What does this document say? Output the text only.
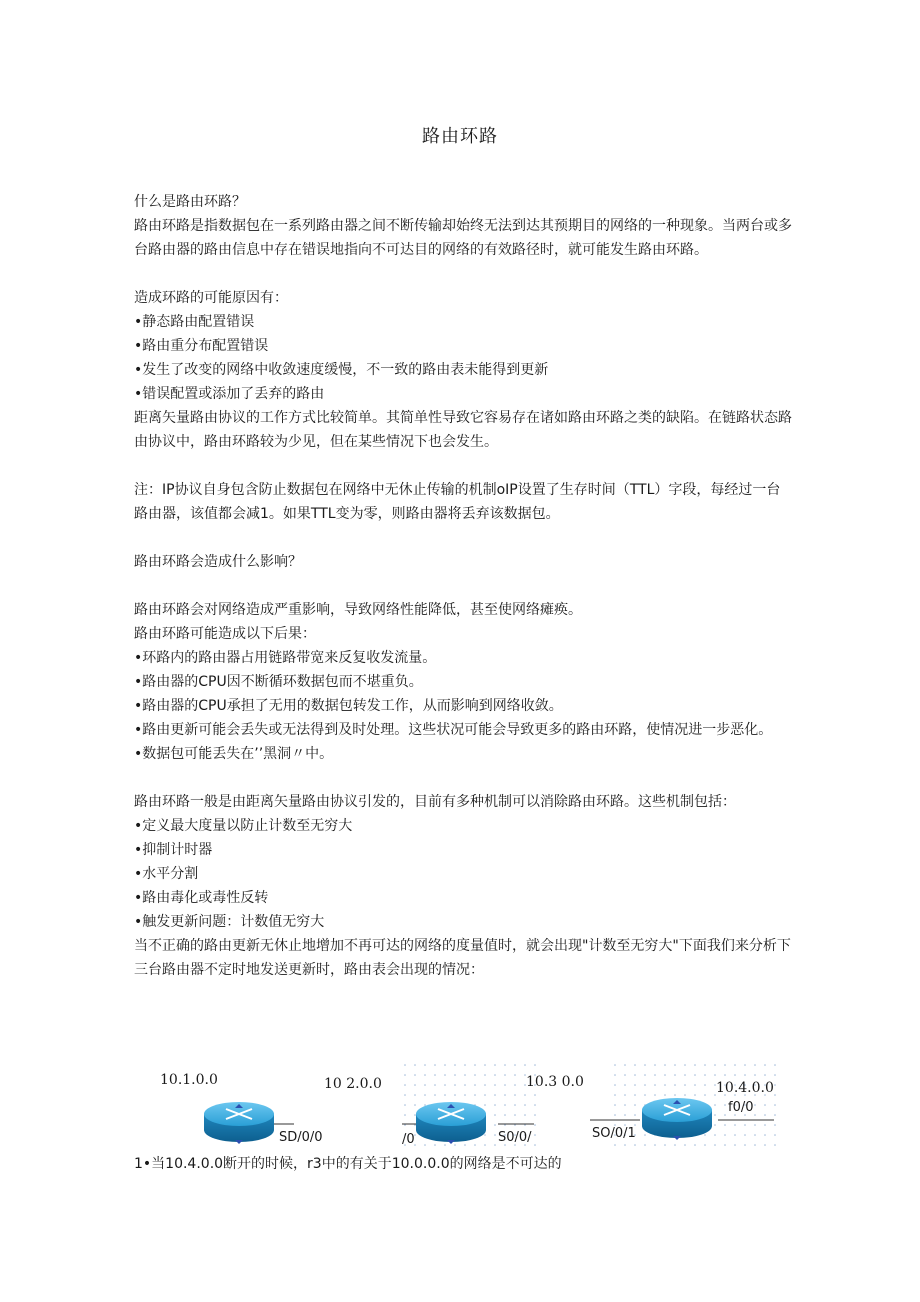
路由环路

什么是路由环路？

路由环路是指数据包在一系列路由器之间不断传输却始终无法到达其预期目的网络的一种现象。当两台或多台路由器的路由信息中存在错误地指向不可达目的网络的有效路径时，就可能发生路由环路。

造成环路的可能原因有：

•静态路由配置错误

•路由重分布配置错误

•发生了改变的网络中收敛速度缓慢，不一致的路由表未能得到更新

•错误配置或添加了丢弃的路由

距离矢量路由协议的工作方式比较简单。其简单性导致它容易存在诸如路由环路之类的缺陷。在链路状态路由协议中，路由环路较为少见，但在某些情况下也会发生。

注：IP协议自身包含防止数据包在网络中无休止传输的机制oIP设置了生存时间（TTL）字段，每经过一台路由器，该值都会减1。如果TTL变为零，则路由器将丢弃该数据包。

路由环路会造成什么影响？

路由环路会对网络造成严重影响，导致网络性能降低，甚至使网络瘫痪。

路由环路可能造成以下后果：

•环路内的路由器占用链路带宽来反复收发流量。

•路由器的CPU因不断循环数据包而不堪重负。

•路由器的CPU承担了无用的数据包转发工作，从而影响到网络收敛。

•路由更新可能会丢失或无法得到及时处理。这些状况可能会导致更多的路由环路，使情况进一步恶化。

•数据包可能丢失在’’黑洞〃中。

路由环路一般是由距离矢量路由协议引发的，目前有多种机制可以消除路由环路。这些机制包括：

•定义最大度量以防止计数至无穷大

•抑制计时器

•水平分割

•路由毒化或毒性反转

•触发更新问题：计数值无穷大

当不正确的路由更新无休止地增加不再可达的网络的度量值时，就会出现"计数至无穷大"下面我们来分析下三台路由器不定时地发送更新时，路由表会出现的情况：

10.1.0.0	10 2.0.0	10.3 0.0	10.4.0.0
SD/0/0	/0	S0/0/	SO/0/1
f0/0
1•当10.4.0.0断开的时候，r3中的有关于10.0.0.0的网络是不可达的
